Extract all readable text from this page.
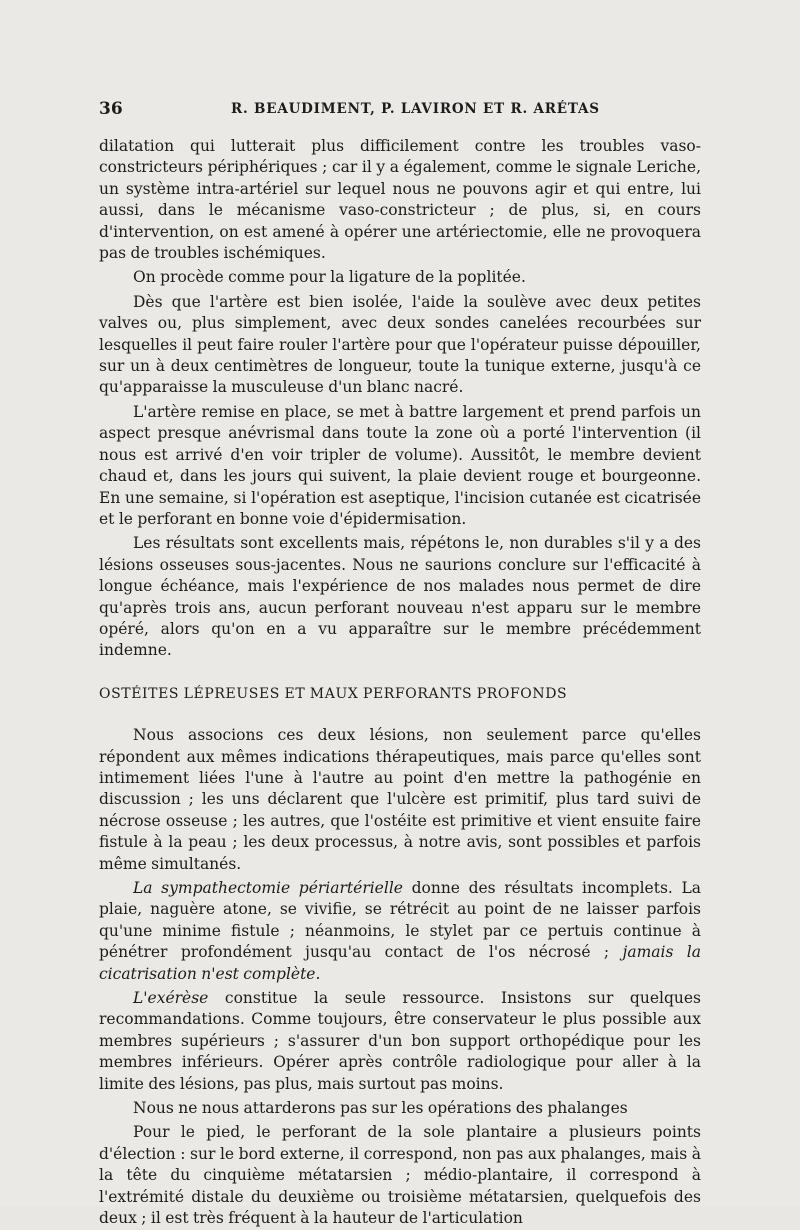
36	R. BEAUDIMENT, P. LAVIRON ET R. ARÉTAS

dilatation qui lutterait plus difficilement contre les troubles vaso-constricteurs périphériques ; car il y a également, comme le signale Leriche, un système intra-artériel sur lequel nous ne pouvons agir et qui entre, lui aussi, dans le mécanisme vaso-constricteur ; de plus, si, en cours d'intervention, on est amené à opérer une artériectomie, elle ne provoquera pas de troubles ischémiques.

On procède comme pour la ligature de la poplitée.

Dès que l'artère est bien isolée, l'aide la soulève avec deux petites valves ou, plus simplement, avec deux sondes canelées recourbées sur lesquelles il peut faire rouler l'artère pour que l'opérateur puisse dépouiller, sur un à deux centimètres de longueur, toute la tunique externe, jusqu'à ce qu'apparaisse la musculeuse d'un blanc nacré.

L'artère remise en place, se met à battre largement et prend parfois un aspect presque anévrismal dans toute la zone où a porté l'intervention (il nous est arrivé d'en voir tripler de volume). Aussitôt, le membre devient chaud et, dans les jours qui suivent, la plaie devient rouge et bourgeonne. En une semaine, si l'opération est aseptique, l'incision cutanée est cicatrisée et le perforant en bonne voie d'épidermisation.

Les résultats sont excellents mais, répétons le, non durables s'il y a des lésions osseuses sous-jacentes. Nous ne saurions conclure sur l'efficacité à longue échéance, mais l'expérience de nos malades nous permet de dire qu'après trois ans, aucun perforant nouveau n'est apparu sur le membre opéré, alors qu'on en a vu apparaître sur le membre précédemment indemne.

OSTÉITES LÉPREUSES ET MAUX PERFORANTS PROFONDS

Nous associons ces deux lésions, non seulement parce qu'elles répondent aux mêmes indications thérapeutiques, mais parce qu'elles sont intimement liées l'une à l'autre au point d'en mettre la pathogénie en discussion ; les uns déclarent que l'ulcère est primitif, plus tard suivi de nécrose osseuse ; les autres, que l'ostéite est primitive et vient ensuite faire fistule à la peau ; les deux processus, à notre avis, sont possibles et parfois même simultanés.

La sympathectomie périartérielle donne des résultats incomplets. La plaie, naguère atone, se vivifie, se rétrécit au point de ne laisser parfois qu'une minime fistule ; néanmoins, le stylet par ce pertuis continue à pénétrer profondément jusqu'au contact de l'os nécrosé ; jamais la cicatrisation n'est complète.

L'exérèse constitue la seule ressource. Insistons sur quelques recommandations. Comme toujours, être conservateur le plus possible aux membres supérieurs ; s'assurer d'un bon support orthopédique pour les membres inférieurs. Opérer après contrôle radiologique pour aller à la limite des lésions, pas plus, mais surtout pas moins.

Nous ne nous attarderons pas sur les opérations des phalanges

Pour le pied, le perforant de la sole plantaire a plusieurs points d'élection : sur le bord externe, il correspond, non pas aux phalanges, mais à la tête du cinquième métatarsien ; médio-plantaire, il correspond à l'extrémité distale du deuxième ou troisième métatarsien, quelquefois des deux ; il est très fréquent à la hauteur de l'articulation
